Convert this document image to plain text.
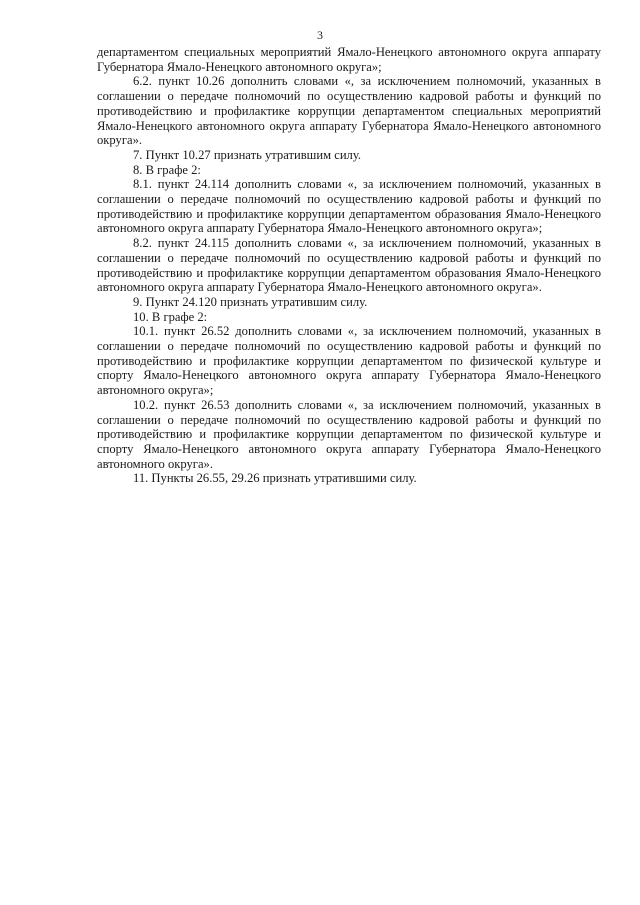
3

департаментом специальных мероприятий Ямало-Ненецкого автономного округа аппарату Губернатора Ямало-Ненецкого автономного округа»;

6.2. пункт 10.26 дополнить словами «, за исключением полномочий, указанных в соглашении о передаче полномочий по осуществлению кадровой работы и функций по противодействию и профилактике коррупции департаментом специальных мероприятий Ямало-Ненецкого автономного округа аппарату Губернатора Ямало-Ненецкого автономного округа».

7. Пункт 10.27 признать утратившим силу.

8. В графе 2:

8.1. пункт 24.114 дополнить словами «, за исключением полномочий, указанных в соглашении о передаче полномочий по осуществлению кадровой работы и функций по противодействию и профилактике коррупции департаментом образования Ямало-Ненецкого автономного округа аппарату Губернатора Ямало-Ненецкого автономного округа»;

8.2. пункт 24.115 дополнить словами «, за исключением полномочий, указанных в соглашении о передаче полномочий по осуществлению кадровой работы и функций по противодействию и профилактике коррупции департаментом образования Ямало-Ненецкого автономного округа аппарату Губернатора Ямало-Ненецкого автономного округа».

9. Пункт 24.120 признать утратившим силу.

10. В графе 2:

10.1. пункт 26.52 дополнить словами «, за исключением полномочий, указанных в соглашении о передаче полномочий по осуществлению кадровой работы и функций по противодействию и профилактике коррупции департаментом по физической культуре и спорту Ямало-Ненецкого автономного округа аппарату Губернатора Ямало-Ненецкого автономного округа»;

10.2. пункт 26.53 дополнить словами «, за исключением полномочий, указанных в соглашении о передаче полномочий по осуществлению кадровой работы и функций по противодействию и профилактике коррупции департаментом по физической культуре и спорту Ямало-Ненецкого автономного округа аппарату Губернатора Ямало-Ненецкого автономного округа».

11. Пункты 26.55, 29.26 признать утратившими силу.
